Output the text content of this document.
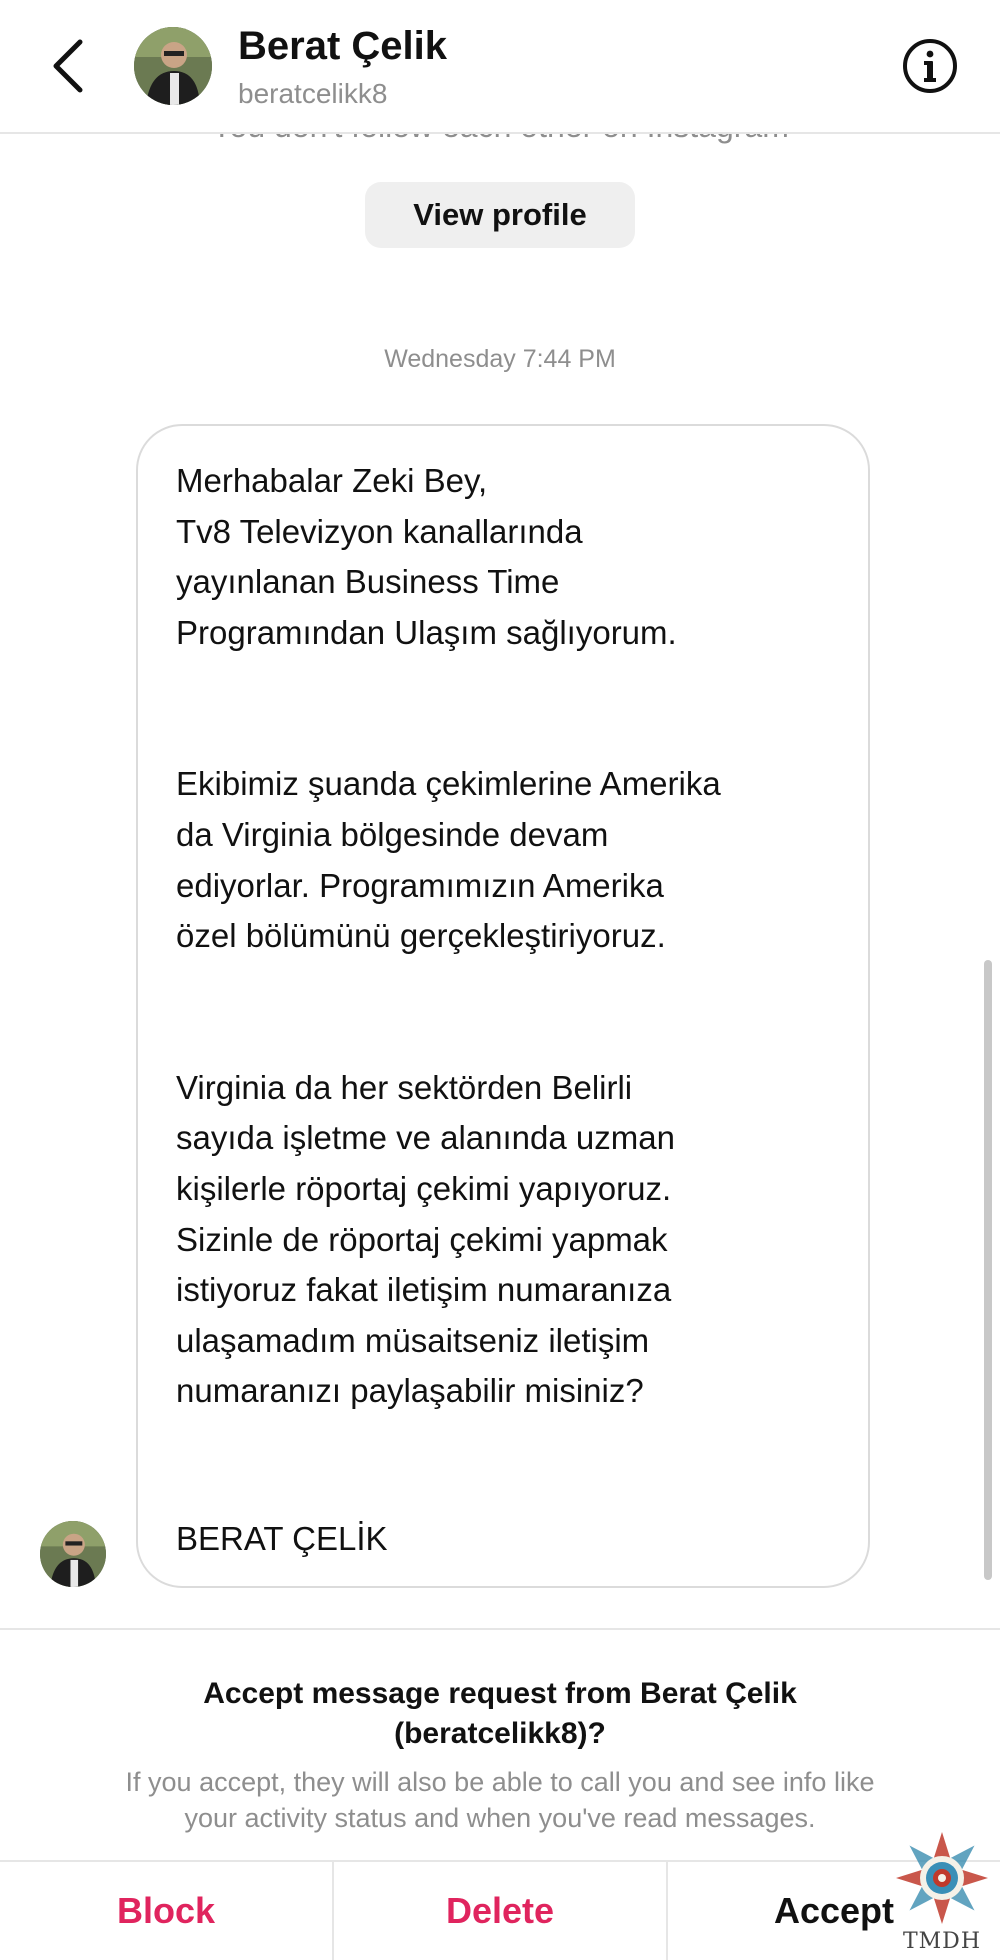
Berat Çelik
beratcelikk8
View profile
Wednesday 7:44 PM

Merhabalar Zeki Bey,
Tv8 Televizyon kanallarında
yayınlanan Business Time
Programından Ulaşım sağlıyorum.

Ekibimiz şuanda çekimlerine Amerika
da Virginia bölgesinde devam
ediyorlar. Programımızın Amerika
özel bölümünü gerçekleştiriyoruz.

Virginia da her sektörden Belirli
sayıda işletme ve alanında uzman
kişilerle röportaj çekimi yapıyoruz.
Sizinle de röportaj çekimi yapmak
istiyoruz fakat iletişim numaranıza
ulaşamadım müsaitseniz iletişim
numaranızı paylaşabilir misiniz?

BERAT ÇELİK
Accept message request from Berat Çelik
(beratcelikk8)?
If you accept, they will also be able to call you and see info like
your activity status and when you've read messages.
Block	Delete	Accept
TMDH
